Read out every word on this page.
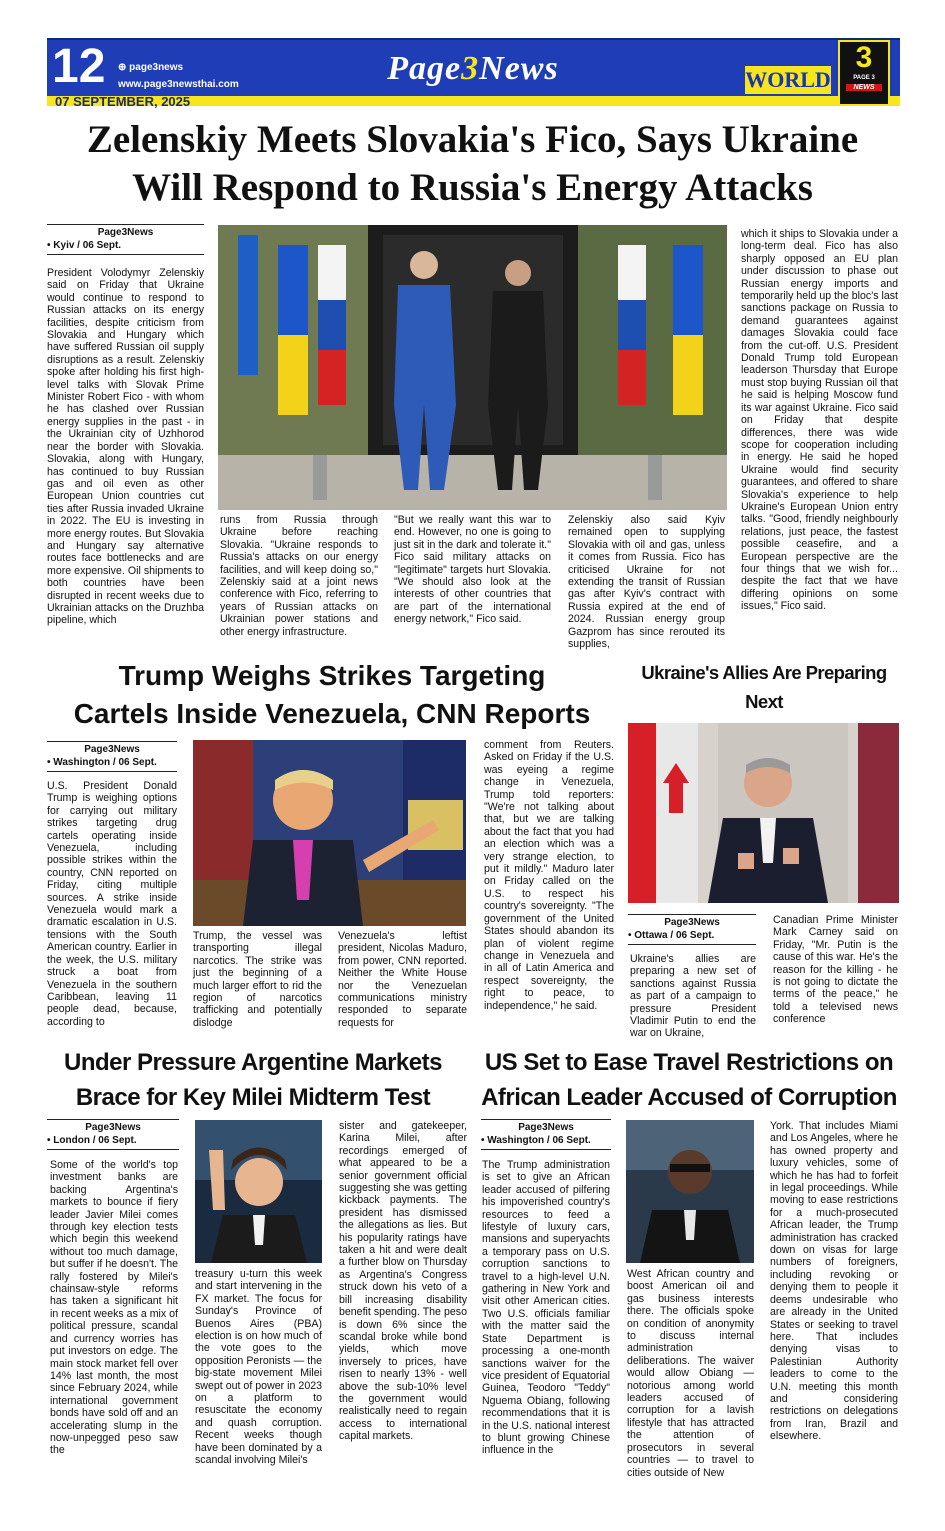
12	⊕ page3news
www.page3newsthai.com
07 SEPTEMBER, 2025
Page3News	WORLD
3
PAGE 3
NEWS
Zelenskiy Meets Slovakia's Fico, Says Ukraine
Will Respond to Russia's Energy Attacks
Page3News
• Kyiv / 06 Sept.
President Volodymyr Zelenskiy said on Friday that Ukraine would continue to respond to Russian attacks on its energy facilities, despite criticism from Slovakia and Hungary which have suffered Russian oil supply disruptions as a result. Zelenskiy spoke after holding his first high-level talks with Slovak Prime Minister Robert Fico - with whom he has clashed over Russian energy supplies in the past - in the Ukrainian city of Uzhhorod near the border with Slovakia. Slovakia, along with Hungary, has continued to buy Russian gas and oil even as other European Union countries cut ties after Russia invaded Ukraine in 2022. The EU is investing in more energy routes. But Slovakia and Hungary say alternative routes face bottlenecks and are more expensive. Oil shipments to both countries have been disrupted in recent weeks due to Ukrainian attacks on the Druzhba pipeline, which
runs from Russia through Ukraine before reaching Slovakia. "Ukraine responds to Russia's attacks on our energy facilities, and will keep doing so," Zelenskiy said at a joint news conference with Fico, referring to years of Russian attacks on Ukrainian power stations and other energy infrastructure.
"But we really want this war to end. However, no one is going to just sit in the dark and tolerate it." Fico said military attacks on "legitimate" targets hurt Slovakia. "We should also look at the interests of other countries that are part of the international energy network," Fico said.
Zelenskiy also said Kyiv remained open to supplying Slovakia with oil and gas, unless it comes from Russia. Fico has criticised Ukraine for not extending the transit of Russian gas after Kyiv's contract with Russia expired at the end of 2024. Russian energy group Gazprom has since rerouted its supplies,
which it ships to Slovakia under a long-term deal. Fico has also sharply opposed an EU plan under discussion to phase out Russian energy imports and temporarily held up the bloc's last sanctions package on Russia to demand guarantees against damages Slovakia could face from the cut-off. U.S. President Donald Trump told European leaderson Thursday that Europe must stop buying Russian oil that he said is helping Moscow fund its war against Ukraine. Fico said on Friday that despite differences, there was wide scope for cooperation including in energy. He said he hoped Ukraine would find security guarantees, and offered to share Slovakia's experience to help Ukraine's European Union entry talks. "Good, friendly neighbourly relations, just peace, the fastest possible ceasefire, and a European perspective are the four things that we wish for... despite the fact that we have differing opinions on some issues," Fico said.
Trump Weighs Strikes Targeting
Cartels Inside Venezuela, CNN Reports
Page3News
• Washington / 06 Sept.
U.S. President Donald Trump is weighing options for carrying out military strikes targeting drug cartels operating inside Venezuela, including possible strikes within the country, CNN reported on Friday, citing multiple sources. A strike inside Venezuela would mark a dramatic escalation in U.S. tensions with the South American country. Earlier in the week, the U.S. military struck a boat from Venezuela in the southern Caribbean, leaving 11 people dead, because, according to
Trump, the vessel was transporting illegal narcotics. The strike was just the beginning of a much larger effort to rid the region of narcotics trafficking and potentially dislodge
Venezuela's leftist president, Nicolas Maduro, from power, CNN reported. Neither the White House nor the Venezuelan communications ministry responded to separate requests for
comment from Reuters. Asked on Friday if the U.S. was eyeing a regime change in Venezuela, Trump told reporters: "We're not talking about that, but we are talking about the fact that you had an election which was a very strange election, to put it mildly." Maduro later on Friday called on the U.S. to respect his country's sovereignty. "The government of the United States should abandon its plan of violent regime change in Venezuela and in all of Latin America and respect sovereignty, the right to peace, to independence," he said.
Ukraine's Allies Are Preparing Next
Page3News
• Ottawa / 06 Sept.
Ukraine's allies are preparing a new set of sanctions against Russia as part of a campaign to pressure President Vladimir Putin to end the war on Ukraine,
Canadian Prime Minister Mark Carney said on Friday, "Mr. Putin is the cause of this war. He's the reason for the killing - he is not going to dictate the terms of the peace," he told a televised news conference
Under Pressure Argentine Markets
Brace for Key Milei Midterm Test
Page3News
• London / 06 Sept.
Some of the world's top investment banks are backing Argentina's markets to bounce if fiery leader Javier Milei comes through key election tests which begin this weekend without too much damage, but suffer if he doesn't. The rally fostered by Milei's chainsaw-style reforms has taken a significant hit in recent weeks as a mix of political pressure, scandal and currency worries has put investors on edge. The main stock market fell over 14% last month, the most since February 2024, while international government bonds have sold off and an accelerating slump in the now-unpegged peso saw the
treasury u-turn this week and start intervening in the FX market. The focus for Sunday's Province of Buenos Aires (PBA) election is on how much of the vote goes to the opposition Peronists — the big-state movement Milei swept out of power in 2023 on a platform to resuscitate the economy and quash corruption. Recent weeks though have been dominated by a scandal involving Milei's
sister and gatekeeper, Karina Milei, after recordings emerged of what appeared to be a senior government official suggesting she was getting kickback payments. The president has dismissed the allegations as lies. But his popularity ratings have taken a hit and were dealt a further blow on Thursday as Argentina's Congress struck down his veto of a bill increasing disability benefit spending. The peso is down 6% since the scandal broke while bond yields, which move inversely to prices, have risen to nearly 13% - well above the sub-10% level the government would realistically need to regain access to international capital markets.
US Set to Ease Travel Restrictions on
African Leader Accused of Corruption
Page3News
• Washington / 06 Sept.
The Trump administration is set to give an African leader accused of pilfering his impoverished country's resources to feed a lifestyle of luxury cars, mansions and superyachts a temporary pass on U.S. corruption sanctions to travel to a high-level U.N. gathering in New York and visit other American cities. Two U.S. officials familiar with the matter said the State Department is processing a one-month sanctions waiver for the vice president of Equatorial Guinea, Teodoro "Teddy" Nguema Obiang, following recommendations that it is in the U.S. national interest to blunt growing Chinese influence in the
West African country and boost American oil and gas business interests there. The officials spoke on condition of anonymity to discuss internal administration deliberations. The waiver would allow Obiang — notorious among world leaders accused of corruption for a lavish lifestyle that has attracted the attention of prosecutors in several countries — to travel to cities outside of New
York. That includes Miami and Los Angeles, where he has owned property and luxury vehicles, some of which he has had to forfeit in legal proceedings. While moving to ease restrictions for a much-prosecuted African leader, the Trump administration has cracked down on visas for large numbers of foreigners, including revoking or denying them to people it deems undesirable who are already in the United States or seeking to travel here. That includes denying visas to Palestinian Authority leaders to come to the U.N. meeting this month and considering restrictions on delegations from Iran, Brazil and elsewhere.
